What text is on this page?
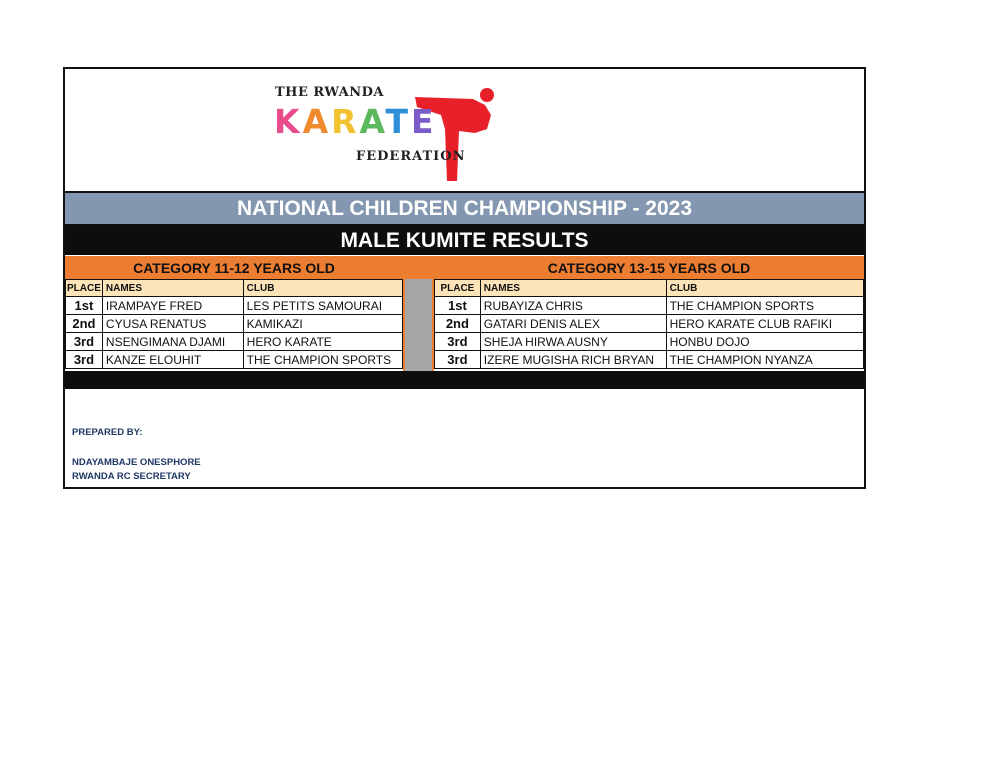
THE RWANDA
KARATE
FEDERATION
NATIONAL CHILDREN CHAMPIONSHIP - 2023
MALE KUMITE RESULTS
CATEGORY 11-12 YEARS OLD	CATEGORY 13-15 YEARS OLD
PLACE	NAMES	CLUB
1st	IRAMPAYE FRED	LES PETITS SAMOURAI
2nd	CYUSA RENATUS	KAMIKAZI
3rd	NSENGIMANA DJAMI	HERO KARATE
3rd	KANZE ELOUHIT	THE CHAMPION SPORTS
PLACE	NAMES	CLUB
1st	RUBAYIZA CHRIS	THE CHAMPION SPORTS
2nd	GATARI DENIS ALEX	HERO KARATE CLUB RAFIKI
3rd	SHEJA HIRWA AUSNY	HONBU DOJO
3rd	IZERE MUGISHA RICH BRYAN	THE CHAMPION NYANZA
PREPARED BY:
NDAYAMBAJE ONESPHORE
RWANDA RC SECRETARY
